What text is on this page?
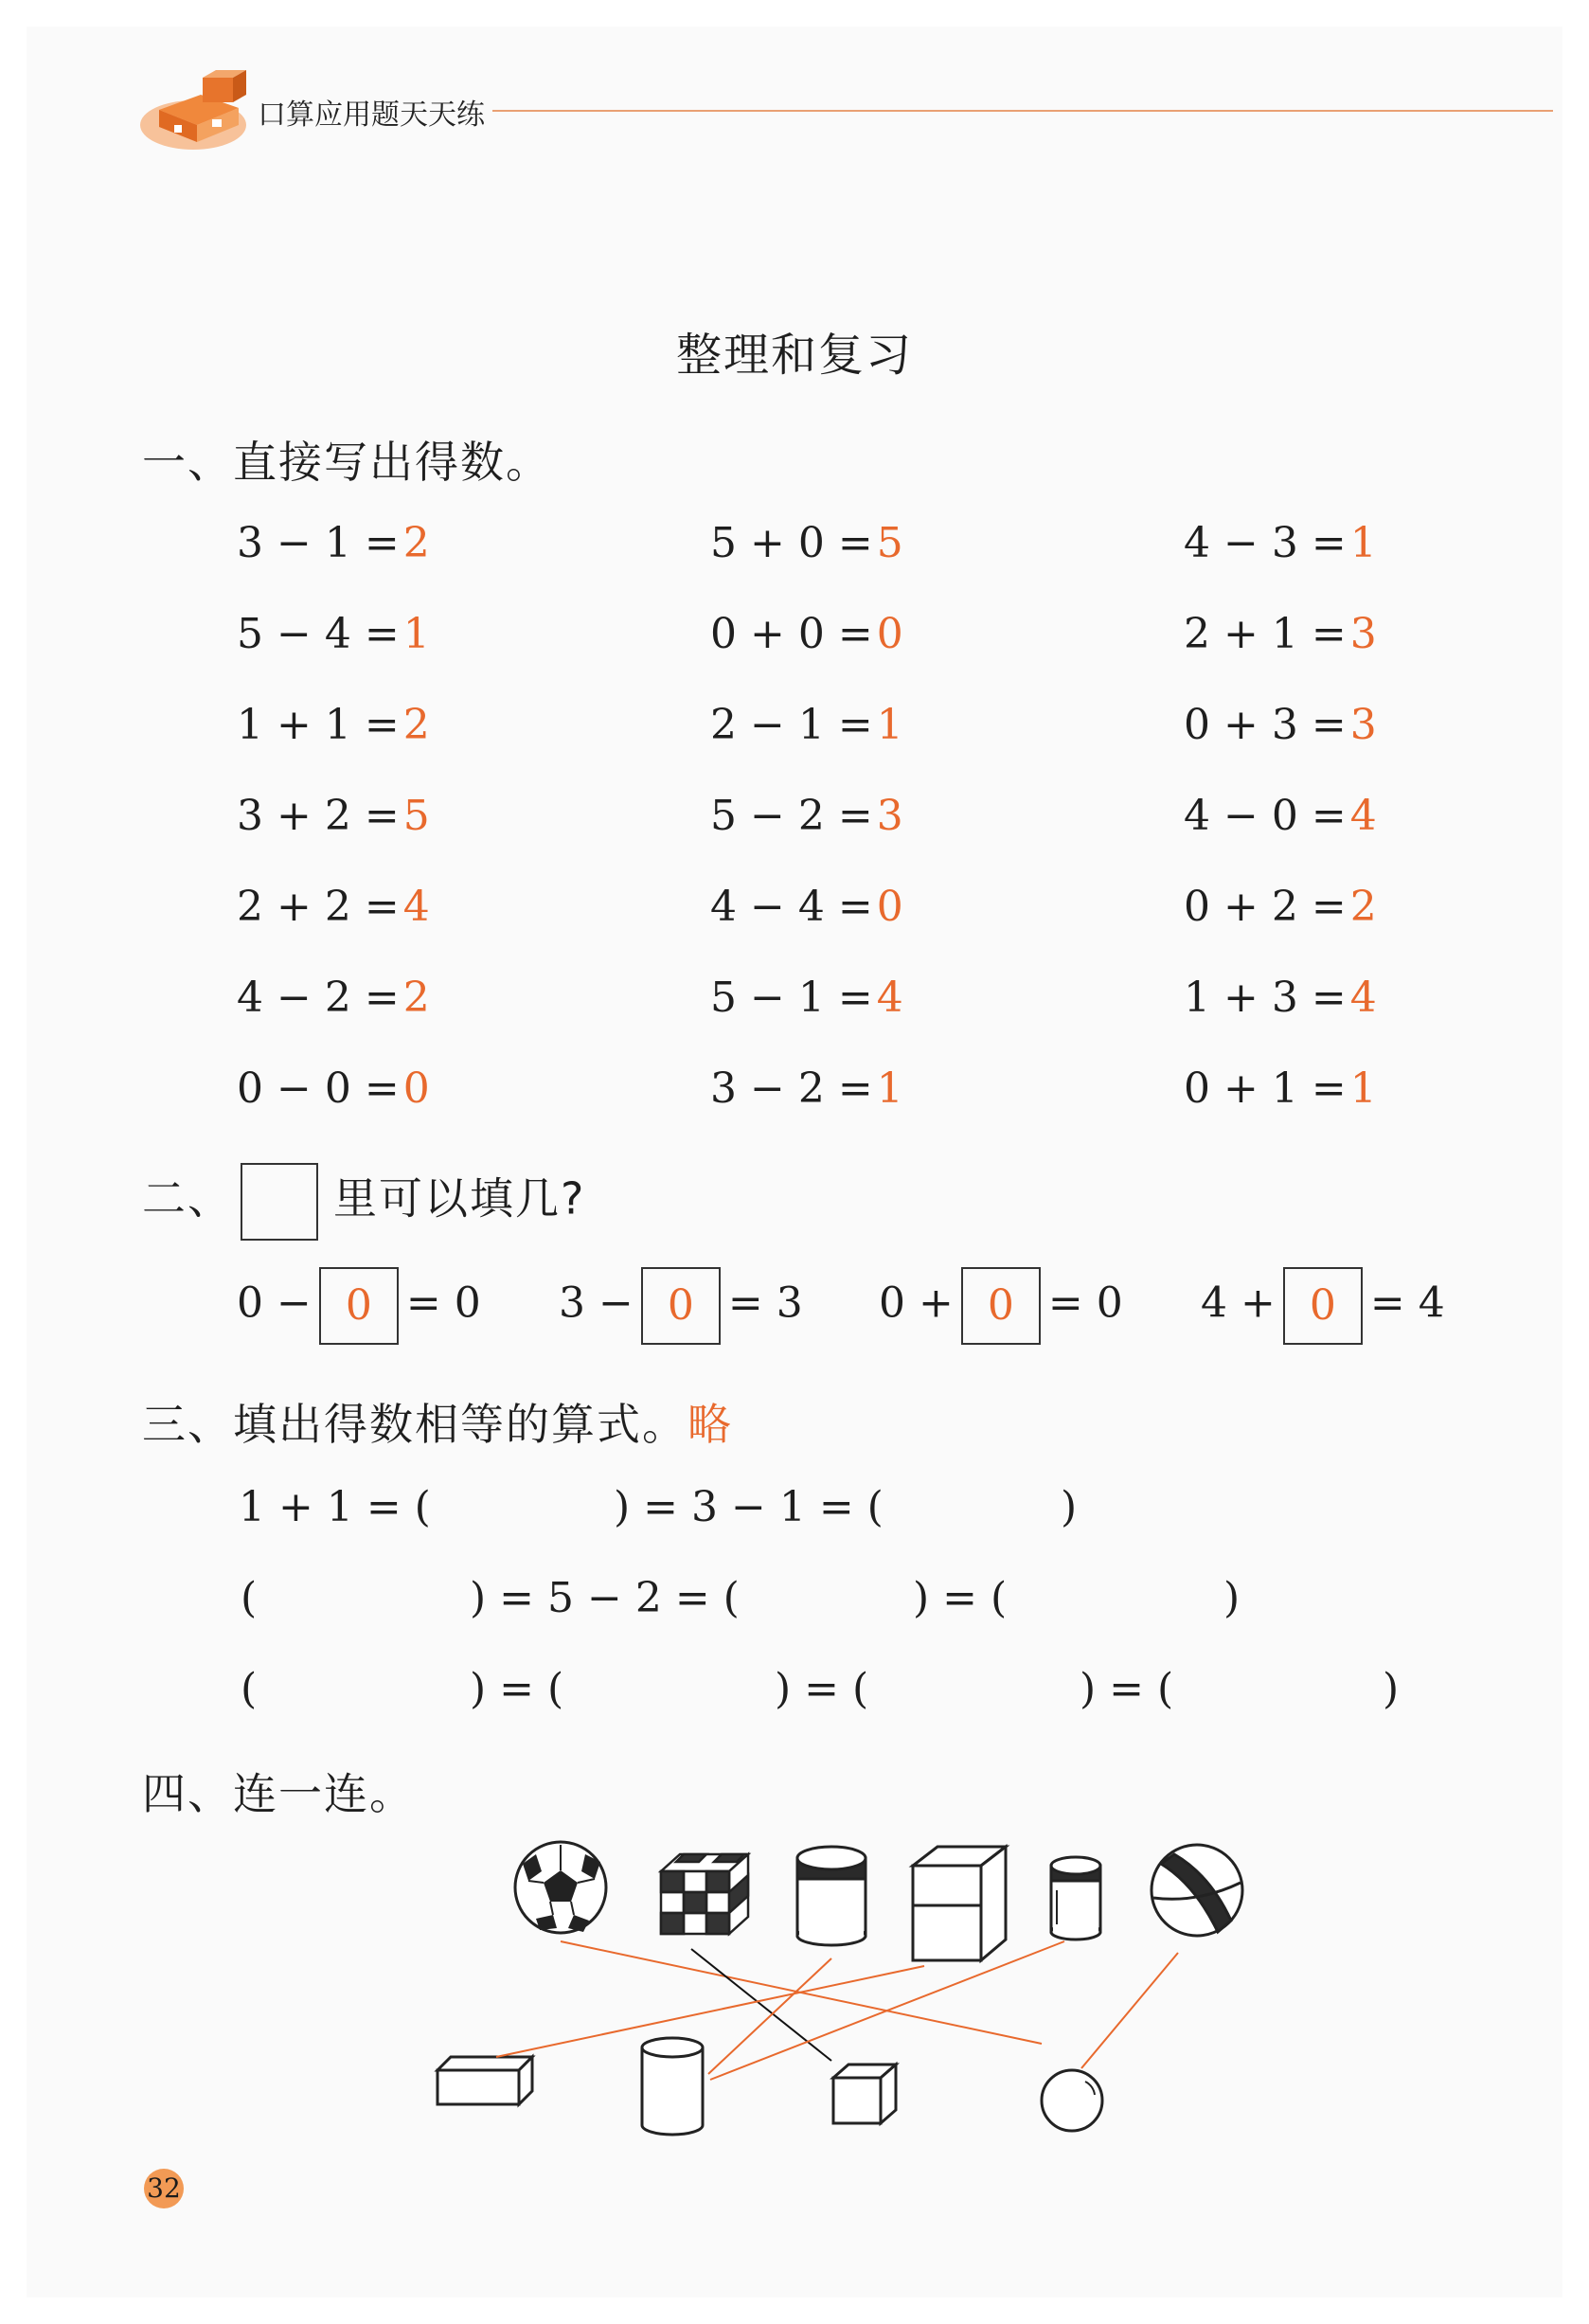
口算应用题天天练
整理和复习
一、直接写出得数。
3 − 1 =2	5 + 0 =5	4 − 3 =1
5 − 4 =1	0 + 0 =0	2 + 1 =3
1 + 1 =2	2 − 1 =1	0 + 3 =3
3 + 2 =5	5 − 2 =3	4 − 0 =4
2 + 2 =4	4 − 4 =0	0 + 2 =2
4 − 2 =2	5 − 1 =4	1 + 3 =4
0 − 0 =0	3 − 2 =1	0 + 1 =1
二、 里可以填几?
0 − 0 = 0 3 − 0 = 3 0 + 0 = 0 4 + 0 = 4
三、填出得数相等的算式。略
1 + 1 = (	) = 3 − 1 = (	)
(	) = 5 − 2 = (	) = (	)
(	) = (	) = (	) = (	)
四、连一连。
32
